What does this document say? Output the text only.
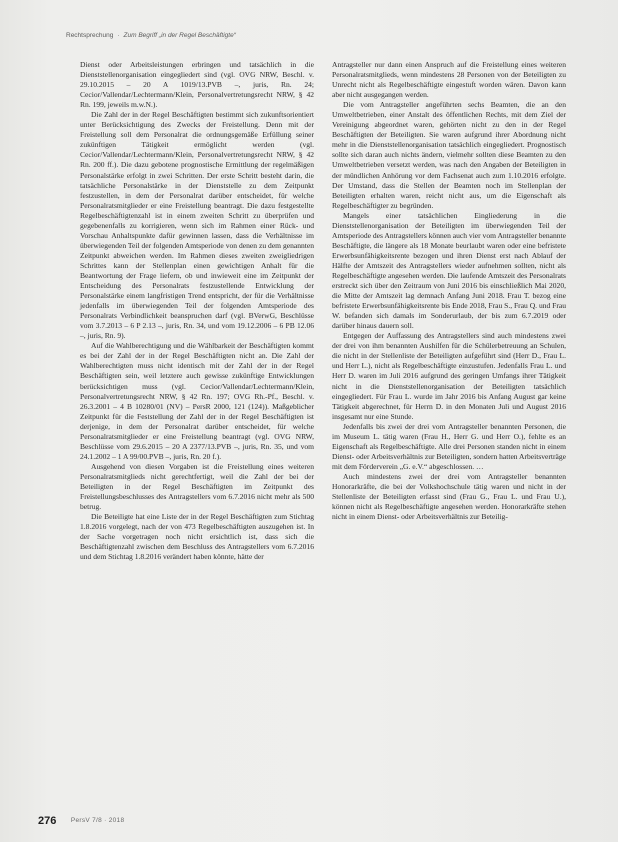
Rechtsprechung · Zum Begriff „in der Regel Beschäftigte“

Dienst oder Arbeitsleistungen erbringen und tatsächlich in die Dienststellenorganisation eingegliedert sind (vgl. OVG NRW, Beschl. v. 29.10.2015 – 20 A 1019/13.PVB –, juris, Rn. 24; Cecior/Vallendar/Lechtermann/Klein, Personalvertretungsrecht NRW, § 42 Rn. 199, jeweils m.w.N.).

Die Zahl der in der Regel Beschäftigten bestimmt sich zukunftsorientiert unter Berücksichtigung des Zwecks der Freistellung. Denn mit der Freistellung soll dem Personalrat die ordnungsgemäße Erfüllung seiner zukünftigen Tätigkeit ermöglicht werden (vgl. Cecior/Vallendar/Lechtermann/Klein, Personalvertretungsrecht NRW, § 42 Rn. 200 ff.). Die dazu gebotene prognostische Ermittlung der regelmäßigen Personalstärke erfolgt in zwei Schritten. Der erste Schritt besteht darin, die tatsächliche Personalstärke in der Dienststelle zu dem Zeitpunkt festzustellen, in dem der Personalrat darüber entscheidet, für welche Personalratsmitglieder er eine Freistellung beantragt. Die dazu festgestellte Regelbeschäftigtenzahl ist in einem zweiten Schritt zu überprüfen und gegebenenfalls zu korrigieren, wenn sich im Rahmen einer Rück- und Vorschau Anhaltspunkte dafür gewinnen lassen, dass die Verhältnisse im überwiegenden Teil der folgenden Amtsperiode von denen zu dem genannten Zeitpunkt abweichen werden. Im Rahmen dieses zweiten zweigliedrigen Schrittes kann der Stellenplan einen gewichtigen Anhalt für die Beantwortung der Frage liefern, ob und inwieweit eine im Zeitpunkt der Entscheidung des Personalrats festzustellende Entwicklung der Personalstärke einem langfristigen Trend entspricht, der für die Verhältnisse jedenfalls im überwiegenden Teil der folgenden Amtsperiode des Personalrats Verbindlichkeit beanspruchen darf (vgl. BVerwG, Beschlüsse vom 3.7.2013 – 6 P 2.13 –, juris, Rn. 34, und vom 19.12.2006 – 6 PB 12.06 –, juris, Rn. 9).

Auf die Wahlberechtigung und die Wählbarkeit der Beschäftigten kommt es bei der Zahl der in der Regel Beschäftigten nicht an. Die Zahl der Wahlberechtigten muss nicht identisch mit der Zahl der in der Regel Beschäftigten sein, weil letztere auch gewisse zukünftige Entwicklungen berücksichtigen muss (vgl. Cecior/Vallendar/Lechtermann/Klein, Personalvertretungsrecht NRW, § 42 Rn. 197; OVG Rh.-Pf., Beschl. v. 26.3.2001 – 4 B 10280/01 (NV) – PersR 2000, 121 (124)). Maßgeblicher Zeitpunkt für die Feststellung der Zahl der in der Regel Beschäftigten ist derjenige, in dem der Personalrat darüber entscheidet, für welche Personalratsmitglieder er eine Freistellung beantragt (vgl. OVG NRW, Beschlüsse vom 29.6.2015 – 20 A 2377/13.PVB –, juris, Rn. 35, und vom 24.1.2002 – 1 A 99/00.PVB –, juris, Rn. 20 f.).

Ausgehend von diesen Vorgaben ist die Freistellung eines weiteren Personalratsmitglieds nicht gerechtfertigt, weil die Zahl der bei der Beteiligten in der Regel Beschäftigten im Zeitpunkt des Freistellungsbeschlusses des Antragstellers vom 6.7.2016 nicht mehr als 500 betrug.

Die Beteiligte hat eine Liste der in der Regel Beschäftigten zum Stichtag 1.8.2016 vorgelegt, nach der von 473 Regelbeschäftigten auszugehen ist. In der Sache vorgetragen noch nicht ersichtlich ist, dass sich die Beschäftigtenzahl zwischen dem Beschluss des Antragstellers vom 6.7.2016 und dem Stichtag 1.8.2016 verändert haben könnte, hätte der

Antragsteller nur dann einen Anspruch auf die Freistellung eines weiteren Personalratsmitglieds, wenn mindestens 28 Personen von der Beteiligten zu Unrecht nicht als Regelbeschäftigte eingestuft worden wären. Davon kann aber nicht ausgegangen werden.

Die vom Antragsteller angeführten sechs Beamten, die an den Umweltbetrieben, einer Anstalt des öffentlichen Rechts, mit dem Ziel der Vereinigung abgeordnet waren, gehörten nicht zu den in der Regel Beschäftigten der Beteiligten. Sie waren aufgrund ihrer Abordnung nicht mehr in die Dienststellenorganisation tatsächlich eingegliedert. Prognostisch sollte sich daran auch nichts ändern, vielmehr sollten diese Beamten zu den Umweltbetrieben versetzt werden, was nach den Angaben der Beteiligten in der mündlichen Anhörung vor dem Fachsenat auch zum 1.10.2016 erfolgte. Der Umstand, dass die Stellen der Beamten noch im Stellenplan der Beteiligten erhalten waren, reicht nicht aus, um die Eigenschaft als Regelbeschäftigter zu begründen.

Mangels einer tatsächlichen Eingliederung in die Dienststellenorganisation der Beteiligten im überwiegenden Teil der Amtsperiode des Antragstellers können auch vier vom Antragsteller benannte Beschäftigte, die längere als 18 Monate beurlaubt waren oder eine befristete Erwerbsunfähigkeitsrente bezogen und ihren Dienst erst nach Ablauf der Hälfte der Amtszeit des Antragstellers wieder aufnehmen sollten, nicht als Regelbeschäftigte angesehen werden. Die laufende Amtszeit des Personalrats erstreckt sich über den Zeitraum von Juni 2016 bis einschließlich Mai 2020, die Mitte der Amtszeit lag demnach Anfang Juni 2018. Frau T. bezog eine befristete Erwerbsunfähigkeitsrente bis Ende 2018, Frau S., Frau Q. und Frau W. befanden sich damals im Sonderurlaub, der bis zum 6.7.2019 oder darüber hinaus dauern soll.

Entgegen der Auffassung des Antragstellers sind auch mindestens zwei der drei von ihm benannten Aushilfen für die Schülerbetreuung an Schulen, die nicht in der Stellenliste der Beteiligten aufgeführt sind (Herr D., Frau L. und Herr L.), nicht als Regelbeschäftigte einzustufen. Jedenfalls Frau L. und Herr D. waren im Juli 2016 aufgrund des geringen Umfangs ihrer Tätigkeit nicht in die Dienststellenorganisation der Beteiligten tatsächlich eingegliedert. Für Frau L. wurde im Jahr 2016 bis Anfang August gar keine Tätigkeit abgerechnet, für Herrn D. in den Monaten Juli und August 2016 insgesamt nur eine Stunde.

Jedenfalls bis zwei der drei vom Antragsteller benannten Personen, die im Museum L. tätig waren (Frau H., Herr G. und Herr O.), fehlte es an Eigenschaft als Regelbeschäftigte. Alle drei Personen standen nicht in einem Dienst- oder Arbeitsverhältnis zur Beteiligten, sondern hatten Arbeitsverträge mit dem Förderverein „G. e.V.“ abgeschlossen. …

Auch mindestens zwei der drei vom Antragsteller benannten Honorarkräfte, die bei der Volkshochschule tätig waren und nicht in der Stellenliste der Beteiligten erfasst sind (Frau G., Frau L. und Frau U.), können nicht als Regelbeschäftigte angesehen werden. Honorarkräfte stehen nicht in einem Dienst- oder Arbeitsverhältnis zur Beteilig-

276 PersV 7/8 · 2018
